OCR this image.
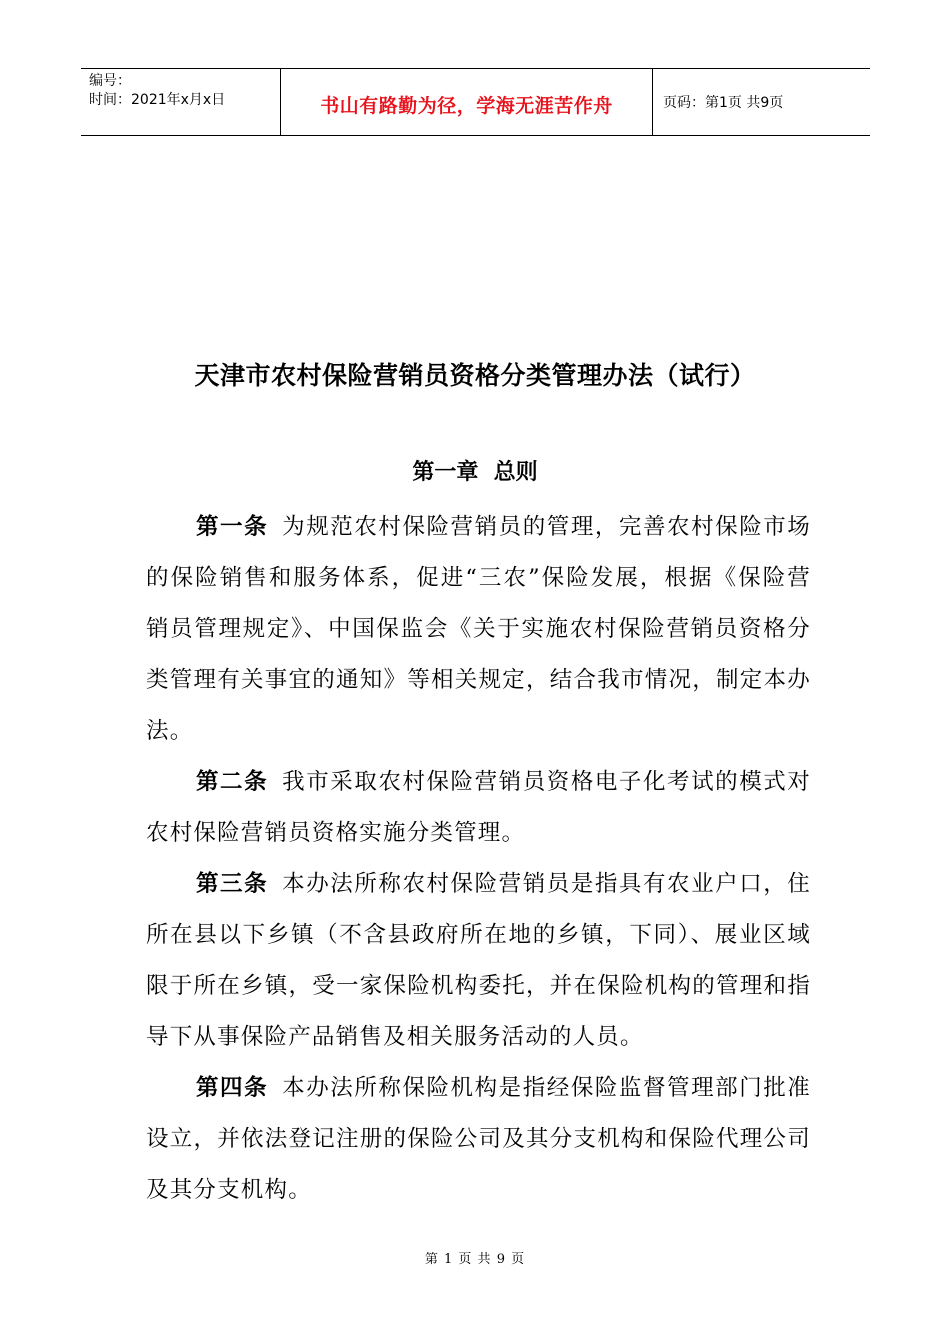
编号：
时间：2021年x月x日	书山有路勤为径，学海无涯苦作舟	页码：第1页 共9页
天津市农村保险营销员资格分类管理办法（试行）
第一章  总则

第一条 为规范农村保险营销员的管理，完善农村保险市场的保险销售和服务体系，促进“三农”保险发展，根据《保险营销员管理规定》、中国保监会《关于实施农村保险营销员资格分类管理有关事宜的通知》等相关规定，结合我市情况，制定本办法。

第二条 我市采取农村保险营销员资格电子化考试的模式对农村保险营销员资格实施分类管理。

第三条 本办法所称农村保险营销员是指具有农业户口，住所在县以下乡镇（不含县政府所在地的乡镇，下同）、展业区域限于所在乡镇，受一家保险机构委托，并在保险机构的管理和指导下从事保险产品销售及相关服务活动的人员。

第四条 本办法所称保险机构是指经保险监督管理部门批准设立，并依法登记注册的保险公司及其分支机构和保险代理公司及其分支机构。

第 1 页 共 9 页
